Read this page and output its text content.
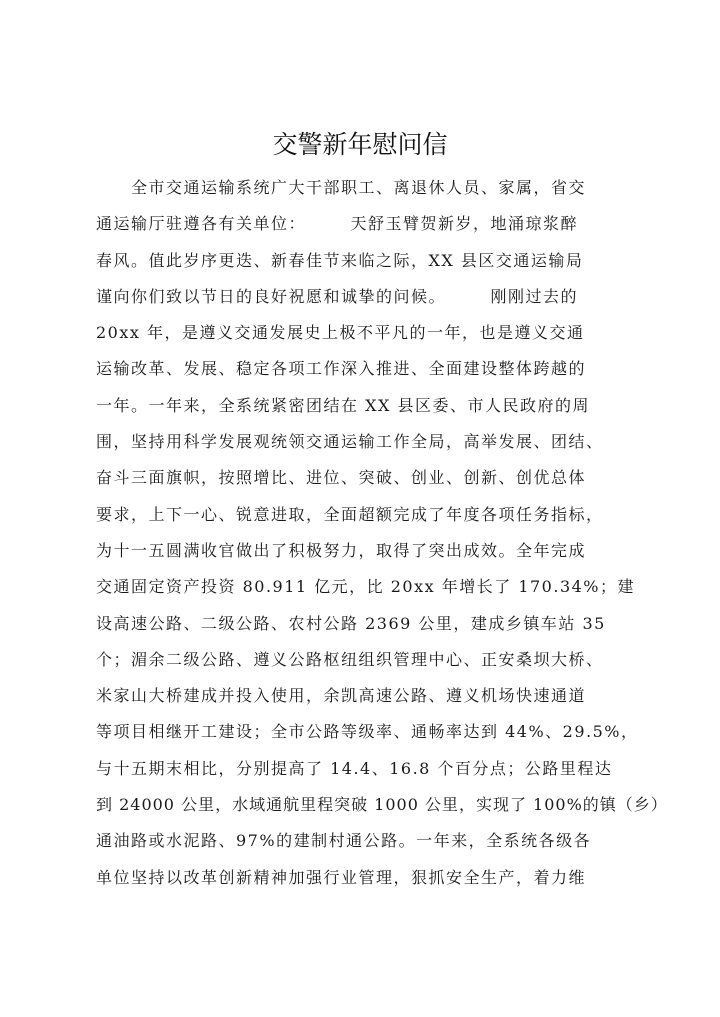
交警新年慰问信
　　全市交通运输系统广大干部职工、离退休人员、家属，省交
通运输厅驻遵各有关单位：　　　天舒玉臂贺新岁，地涌琼浆醉
春风。值此岁序更迭、新春佳节来临之际，XX 县区交通运输局
谨向你们致以节日的良好祝愿和诚挚的问候。　　　刚刚过去的
20xx 年，是遵义交通发展史上极不平凡的一年，也是遵义交通
运输改革、发展、稳定各项工作深入推进、全面建设整体跨越的
一年。一年来，全系统紧密团结在 XX 县区委、市人民政府的周
围，坚持用科学发展观统领交通运输工作全局，高举发展、团结、
奋斗三面旗帜，按照增比、进位、突破、创业、创新、创优总体
要求，上下一心、锐意进取，全面超额完成了年度各项任务指标，
为十一五圆满收官做出了积极努力，取得了突出成效。全年完成
交通固定资产投资 80.911 亿元，比 20xx 年增长了 170.34%；建
设高速公路、二级公路、农村公路 2369 公里，建成乡镇车站 35
个；湄余二级公路、遵义公路枢纽组织管理中心、正安桑坝大桥、
米家山大桥建成并投入使用，余凯高速公路、遵义机场快速通道
等项目相继开工建设；全市公路等级率、通畅率达到 44%、29.5%，
与十五期末相比，分别提高了 14.4、16.8 个百分点；公路里程达
到 24000 公里，水域通航里程突破 1000 公里，实现了 100%的镇（乡）
通油路或水泥路、97%的建制村通公路。一年来，全系统各级各
单位坚持以改革创新精神加强行业管理，狠抓安全生产，着力维
